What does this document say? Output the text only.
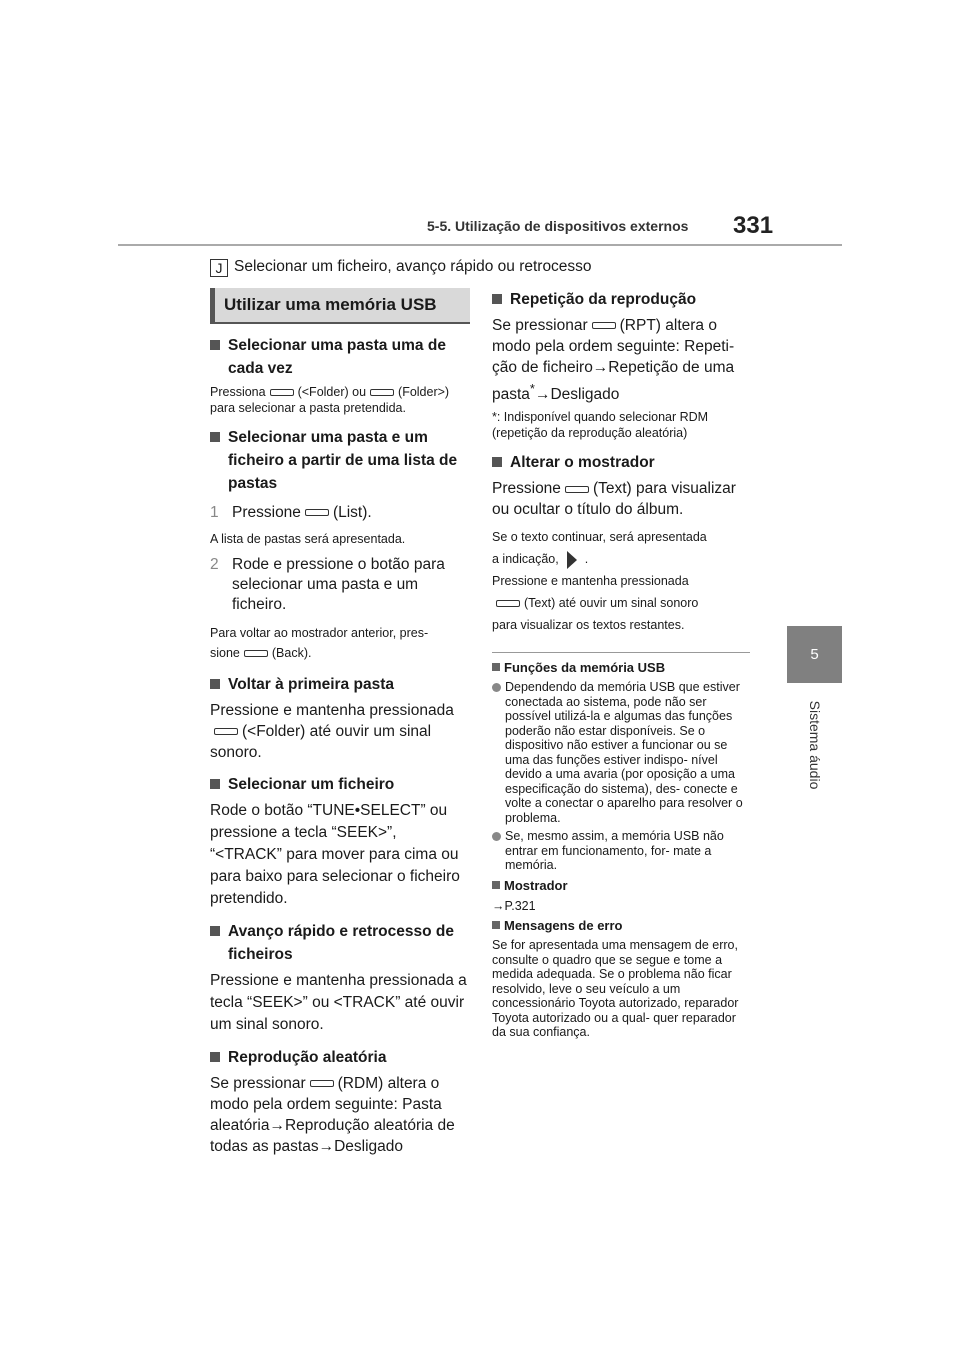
5-5. Utilização de dispositivos externos 331
5
Sistema áudio
J Selecionar um ficheiro, avanço rápido ou retrocesso
Utilizar uma memória USB
Selecionar uma pasta uma de cada vez
Pressiona	(<Folder) ou	(Folder>)
para selecionar a pasta pretendida.
Selecionar uma pasta e um ficheiro a partir de uma lista de pastas
1 Pressione (List).
A lista de pastas será apresentada.
2 Rode e pressione o botão para selecionar uma pasta e um ficheiro.
Para voltar ao mostrador anterior, pres-
sione	(Back).
Voltar à primeira pasta
Pressione e mantenha pressionada
(<Folder) até ouvir um sinal
sonoro.
Selecionar um ficheiro
Rode o botão “TUNE•SELECT” ou pressione a tecla “SEEK>”, “<TRACK” para mover para cima ou para baixo para selecionar o ficheiro pretendido.
Avanço rápido e retrocesso de ficheiros
Pressione e mantenha pressionada a tecla “SEEK>” ou <TRACK” até ouvir um sinal sonoro.
Reprodução aleatória
Se pressionar (RDM) altera o modo pela ordem seguinte: Pasta aleatória→Reprodução aleatória de todas as pastas→Desligado
Repetição da reprodução
Se pressionar (RPT) altera o modo pela ordem seguinte: Repeti- ção de ficheiro→Repetição de uma pasta*→Desligado
*: Indisponível quando selecionar RDM (repetição da reprodução aleatória)
Alterar o mostrador
Pressione (Text) para visualizar ou ocultar o título do álbum.
Se o texto continuar, será apresentada
a indicação, .
Pressione e mantenha pressionada
(Text) até ouvir um sinal sonoro
para visualizar os textos restantes.
Funções da memória USB
Dependendo da memória USB que estiver conectada ao sistema, pode não ser possível utilizá-la e algumas das funções poderão não estar disponíveis. Se o dispositivo não estiver a funcionar ou se uma das funções estiver indispo- nível devido a uma avaria (por oposição a uma especificação do sistema), des- conecte e volte a conectar o aparelho para resolver o problema.
Se, mesmo assim, a memória USB não entrar em funcionamento, for- mate a memória.
Mostrador
→P.321
Mensagens de erro
Se for apresentada uma mensagem de erro, consulte o quadro que se segue e tome a medida adequada. Se o problema não ficar resolvido, leve o seu veículo a um concessionário Toyota autorizado, reparador Toyota autorizado ou a qual- quer reparador da sua confiança.
